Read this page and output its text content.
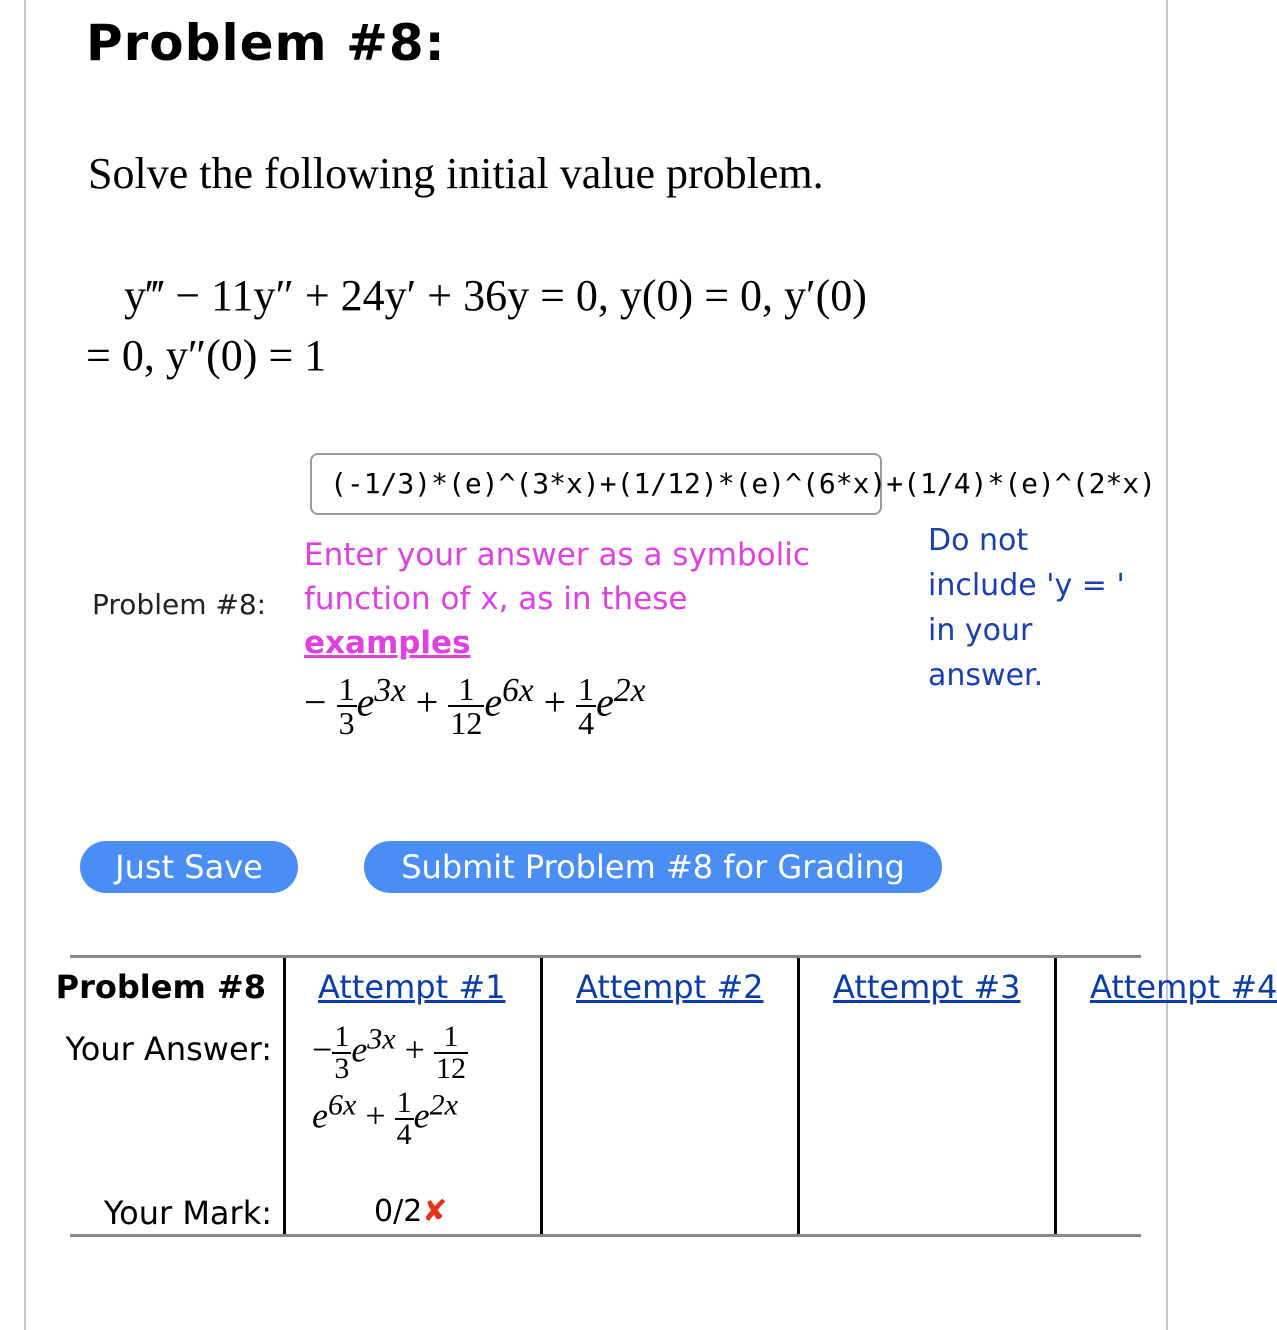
Problem #8:
Solve the following initial value problem.
y‴ − 11y″ + 24y′ + 36y = 0, y(0) = 0, y′(0)
= 0, y″(0) = 1
(-1/3)*(e)^(3*x)+(1/12)*(e)^(6*x)+(1/4)*(e)^(2*x)
Problem #8:
Enter your answer as a symbolic
function of x, as in these
examples
Do not
include 'y = '
in your
answer.
− $\frac{1}{3} e^{3x} + \frac{1}{12} e^{6x} + \frac{1}{4} e^{2x}$
Just Save	Submit Problem #8 for Grading
Problem #8
Your Answer:
Your Mark:
Attempt #1 Attempt #2 Attempt #3 Attempt #4
− $\frac{1}{3} e^{3x} + \frac{1}{12}$
$e^{6x} + \frac{1}{4} e^{2x}$
0/2✘
